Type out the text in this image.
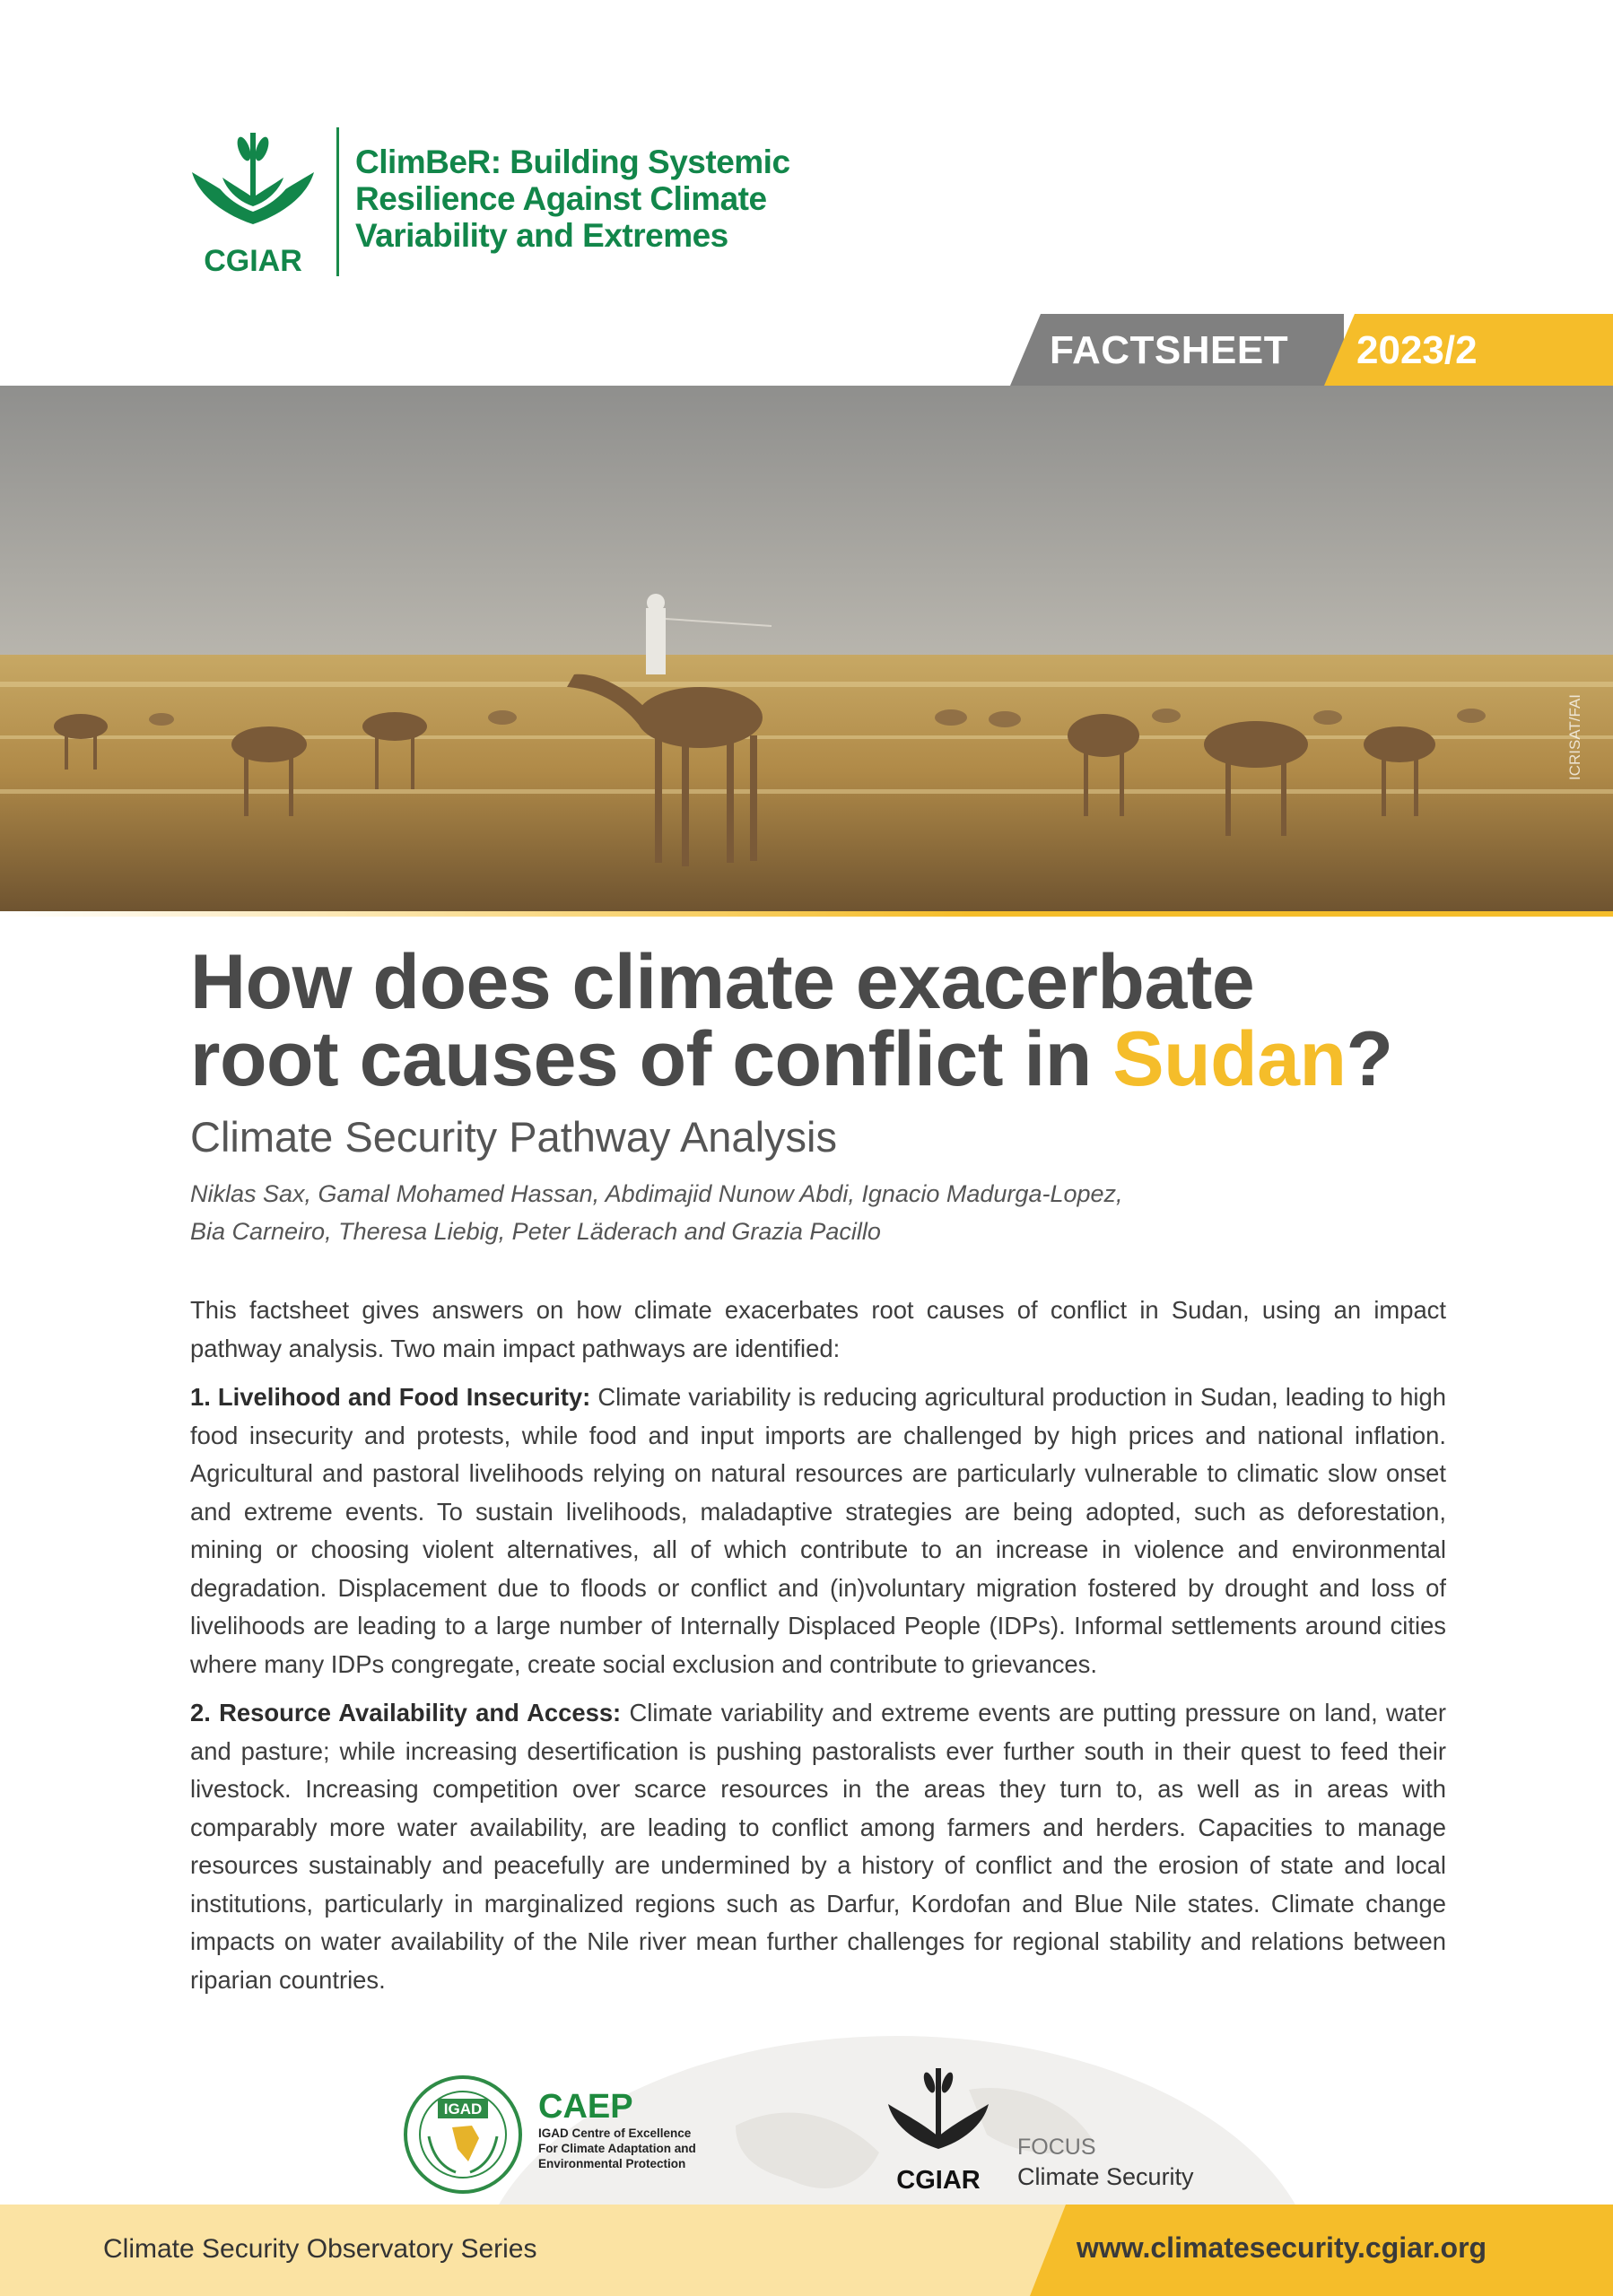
CGIAR
ClimBeR: Building Systemic
Resilience Against Climate
Variability and Extremes
FACTSHEET 2023/2
ICRISAT/FAI
How does climate exacerbate
root causes of conflict in Sudan?
Climate Security Pathway Analysis
Niklas Sax, Gamal Mohamed Hassan, Abdimajid Nunow Abdi, Ignacio Madurga-Lopez,
Bia Carneiro, Theresa Liebig, Peter Läderach and Grazia Pacillo

This factsheet gives answers on how climate exacerbates root causes of conflict in Sudan, using an impact pathway analysis. Two main impact pathways are identified:

1. Livelihood and Food Insecurity: Climate variability is reducing agricultural production in Sudan, leading to high food insecurity and protests, while food and input imports are challenged by high prices and national inflation. Agricultural and pastoral livelihoods relying on natural resources are particularly vulnerable to climatic slow onset and extreme events. To sustain livelihoods, maladaptive strategies are being adopted, such as deforestation, mining or choosing violent alternatives, all of which contribute to an increase in violence and environmental degradation. Displacement due to floods or conflict and (in)voluntary migration fostered by drought and loss of livelihoods are leading to a large number of Internally Displaced People (IDPs). Informal settlements around cities where many IDPs congregate, create social exclusion and contribute to grievances.

2. Resource Availability and Access: Climate variability and extreme events are putting pressure on land, water and pasture; while increasing desertification is pushing pastoralists ever further south in their quest to feed their livestock. Increasing competition over scarce resources in the areas they turn to, as well as in areas with comparably more water availability, are leading to conflict among farmers and herders. Capacities to manage resources sustainably and peacefully are undermined by a history of conflict and the erosion of state and local institutions, particularly in marginalized regions such as Darfur, Kordofan and Blue Nile states. Climate change impacts on water availability of the Nile river mean further challenges for regional stability and relations between riparian countries.

IGAD CAEP
IGAD Centre of Excellence
For Climate Adaptation and
Environmental Protection
CGIAR
FOCUS
Climate Security
Climate Security Observatory Series	www.climatesecurity.cgiar.org
